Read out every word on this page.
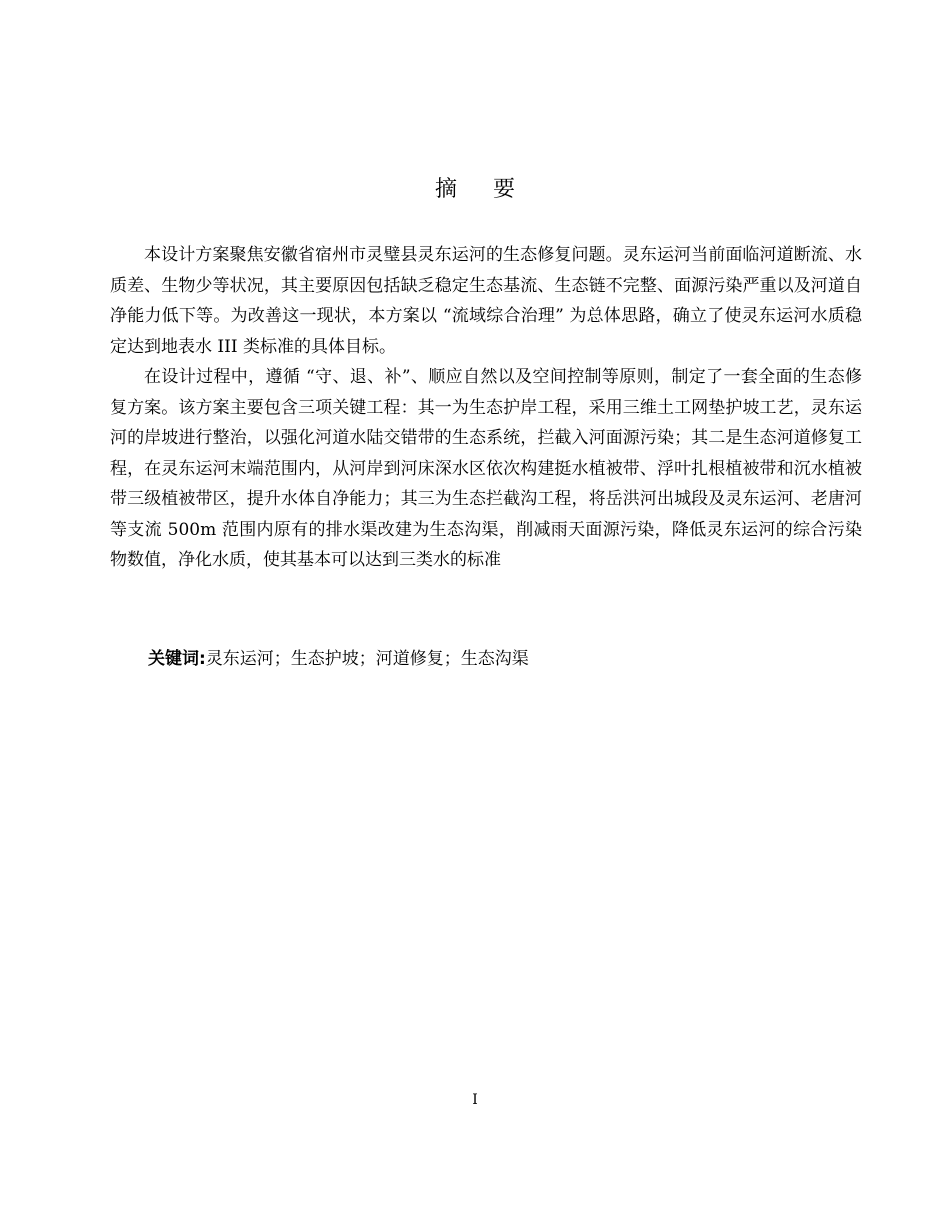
摘 要

本设计方案聚焦安徽省宿州市灵璧县灵东运河的生态修复问题。灵东运河当前面临河道断流、水质差、生物少等状况，其主要原因包括缺乏稳定生态基流、生态链不完整、面源污染严重以及河道自净能力低下等。为改善这一现状，本方案以 “流域综合治理” 为总体思路，确立了使灵东运河水质稳定达到地表水 III 类标准的具体目标。

在设计过程中，遵循 “守、退、补”、顺应自然以及空间控制等原则，制定了一套全面的生态修复方案。该方案主要包含三项关键工程：其一为生态护岸工程，采用三维土工网垫护坡工艺，灵东运河的岸坡进行整治，以强化河道水陆交错带的生态系统，拦截入河面源污染；其二是生态河道修复工程，在灵东运河末端范围内，从河岸到河床深水区依次构建挺水植被带、浮叶扎根植被带和沉水植被带三级植被带区，提升水体自净能力；其三为生态拦截沟工程，将岳洪河出城段及灵东运河、老唐河等支流 500m 范围内原有的排水渠改建为生态沟渠，削减雨天面源污染，降低灵东运河的综合污染物数值，净化水质，使其基本可以达到三类水的标准

关键词:灵东运河；生态护坡；河道修复；生态沟渠
I
